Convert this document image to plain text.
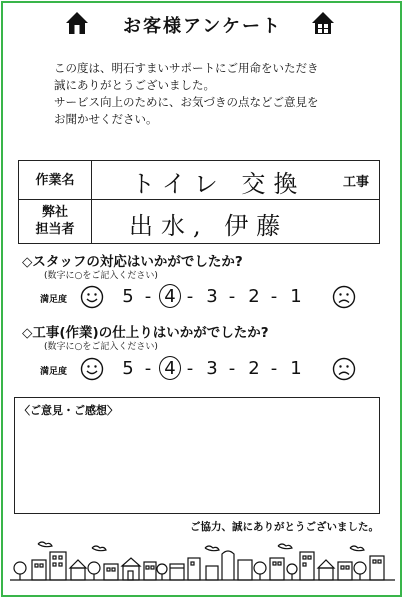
お客様アンケート
この度は、明石すまいサポートにご用命をいただき
誠にありがとうございました。
サービス向上のために、お気づきの点などご意見を
お聞かせください。
作業名	トイレ 交換	工事
弊社
担当者 出水, 伊藤
◇スタッフの対応はいかがでしたか?
(数字に○をご記入ください)
満足度	5 - 4 - 3 - 2 - 1
◇工事(作業)の仕上りはいかがでしたか?
(数字に○をご記入ください)
満足度	5 - 4 - 3 - 2 - 1
〈ご意見・ご感想〉
ご協力、誠にありがとうございました。
